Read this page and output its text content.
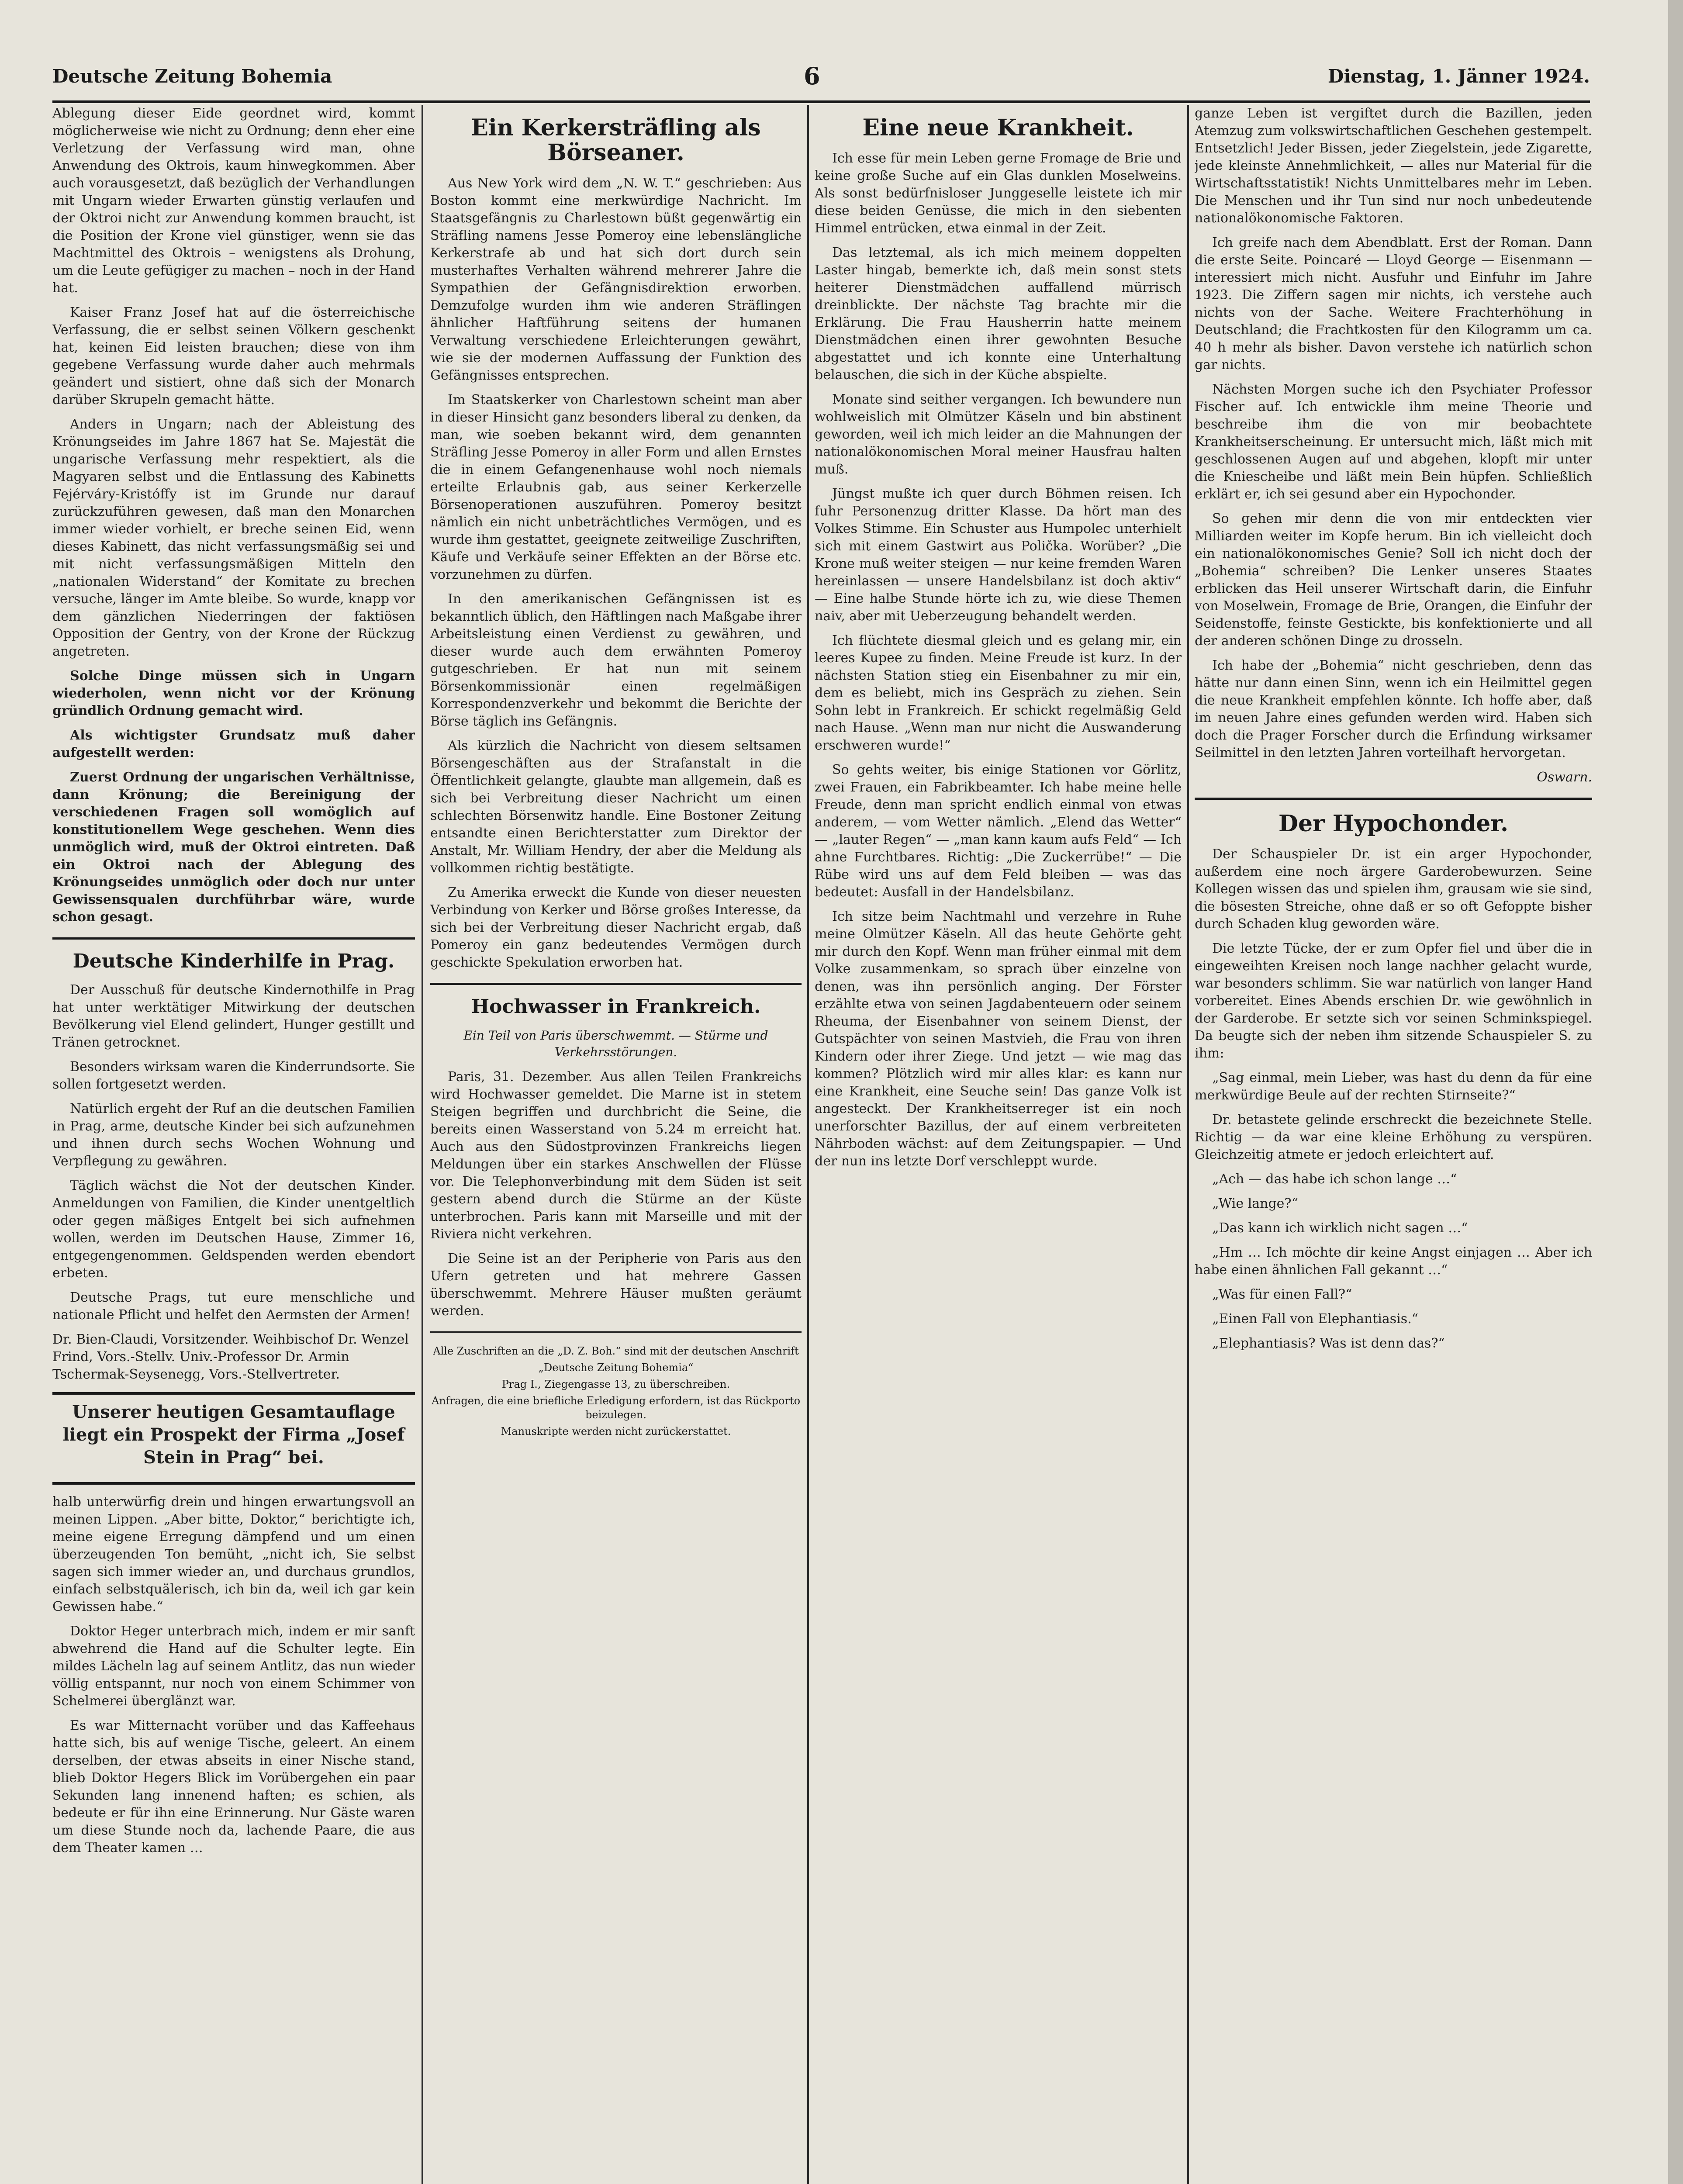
Deutsche Zeitung Bohemia	6	Dienstag, 1. Jänner 1924.

Ablegung dieser Eide geordnet wird, kommt möglicherweise wie nicht zu Ordnung; denn eher eine Verletzung der Verfassung wird man, ohne Anwendung des Oktrois, kaum hinwegkommen. Aber auch vorausgesetzt, daß bezüglich der Verhandlungen mit Ungarn wieder Erwarten günstig verlaufen und der Oktroi nicht zur Anwendung kommen braucht, ist die Position der Krone viel günstiger, wenn sie das Machtmittel des Oktrois – wenigstens als Drohung, um die Leute gefügiger zu machen – noch in der Hand hat.

Kaiser Franz Josef hat auf die österreichische Verfassung, die er selbst seinen Völkern geschenkt hat, keinen Eid leisten brauchen; diese von ihm gegebene Verfassung wurde daher auch mehrmals geändert und sistiert, ohne daß sich der Monarch darüber Skrupeln gemacht hätte.

Anders in Ungarn; nach der Ableistung des Krönungseides im Jahre 1867 hat Se. Majestät die ungarische Verfassung mehr respektiert, als die Magyaren selbst und die Entlassung des Kabinetts Fejérváry-Kristóffy ist im Grunde nur darauf zurückzuführen gewesen, daß man den Monarchen immer wieder vorhielt, er breche seinen Eid, wenn dieses Kabinett, das nicht verfassungsmäßig sei und mit nicht verfassungsmäßigen Mitteln den „nationalen Widerstand“ der Komitate zu brechen versuche, länger im Amte bleibe. So wurde, knapp vor dem gänzlichen Niederringen der faktiösen Opposition der Gentry, von der Krone der Rückzug angetreten.

Solche Dinge müssen sich in Ungarn wiederholen, wenn nicht vor der Krönung gründlich Ordnung gemacht wird.

Als wichtigster Grundsatz muß daher aufgestellt werden:

Zuerst Ordnung der ungarischen Verhältnisse, dann Krönung; die Bereinigung der verschiedenen Fragen soll womöglich auf konstitutionellem Wege geschehen. Wenn dies unmöglich wird, muß der Oktroi eintreten. Daß ein Oktroi nach der Ablegung des Krönungseides unmöglich oder doch nur unter Gewissensqualen durchführbar wäre, wurde schon gesagt.

Deutsche Kinderhilfe in Prag.

Der Ausschuß für deutsche Kindernothilfe in Prag hat unter werktätiger Mitwirkung der deutschen Bevölkerung viel Elend gelindert, Hunger gestillt und Tränen getrocknet.

Besonders wirksam waren die Kinderrundsorte. Sie sollen fortgesetzt werden.

Natürlich ergeht der Ruf an die deutschen Familien in Prag, arme, deutsche Kinder bei sich aufzunehmen und ihnen durch sechs Wochen Wohnung und Verpflegung zu gewähren.

Täglich wächst die Not der deutschen Kinder. Anmeldungen von Familien, die Kinder unentgeltlich oder gegen mäßiges Entgelt bei sich aufnehmen wollen, werden im Deutschen Hause, Zimmer 16, entgegengenommen. Geldspenden werden ebendort erbeten.

Deutsche Prags, tut eure menschliche und nationale Pflicht und helfet den Aermsten der Armen!

Dr. Bien-Claudi, Vorsitzender. Weihbischof Dr. Wenzel Frind, Vors.-Stellv. Univ.-Professor Dr. Armin Tschermak-Seysenegg, Vors.-Stellvertreter.

Unserer heutigen Gesamtauflage liegt ein Prospekt der Firma „Josef Stein in Prag“ bei.

halb unterwürfig drein und hingen erwartungsvoll an meinen Lippen. „Aber bitte, Doktor,“ berichtigte ich, meine eigene Erregung dämpfend und um einen überzeugenden Ton bemüht, „nicht ich, Sie selbst sagen sich immer wieder an, und durchaus grundlos, einfach selbstquälerisch, ich bin da, weil ich gar kein Gewissen habe.“

Doktor Heger unterbrach mich, indem er mir sanft abwehrend die Hand auf die Schulter legte. Ein mildes Lächeln lag auf seinem Antlitz, das nun wieder völlig entspannt, nur noch von einem Schimmer von Schelmerei überglänzt war.

Es war Mitternacht vorüber und das Kaffeehaus hatte sich, bis auf wenige Tische, geleert. An einem derselben, der etwas abseits in einer Nische stand, blieb Doktor Hegers Blick im Vorübergehen ein paar Sekunden lang innenend haften; es schien, als bedeute er für ihn eine Erinnerung. Nur Gäste waren um diese Stunde noch da, lachende Paare, die aus dem Theater kamen …

Ein Kerkersträfling als Börseaner.

Aus New York wird dem „N. W. T.“ geschrieben: Aus Boston kommt eine merkwürdige Nachricht. Im Staatsgefängnis zu Charlestown büßt gegenwärtig ein Sträfling namens Jesse Pomeroy eine lebenslängliche Kerkerstrafe ab und hat sich dort durch sein musterhaftes Verhalten während mehrerer Jahre die Sympathien der Gefängnisdirektion erworben. Demzufolge wurden ihm wie anderen Sträflingen ähnlicher Haftführung seitens der humanen Verwaltung verschiedene Erleichterungen gewährt, wie sie der modernen Auffassung der Funktion des Gefängnisses entsprechen.

Im Staatskerker von Charlestown scheint man aber in dieser Hinsicht ganz besonders liberal zu denken, da man, wie soeben bekannt wird, dem genannten Sträfling Jesse Pomeroy in aller Form und allen Ernstes die in einem Gefangenenhause wohl noch niemals erteilte Erlaubnis gab, aus seiner Kerkerzelle Börsenoperationen auszuführen. Pomeroy besitzt nämlich ein nicht unbeträchtliches Vermögen, und es wurde ihm gestattet, geeignete zeitweilige Zuschriften, Käufe und Verkäufe seiner Effekten an der Börse etc. vorzunehmen zu dürfen.

In den amerikanischen Gefängnissen ist es bekanntlich üblich, den Häftlingen nach Maßgabe ihrer Arbeitsleistung einen Verdienst zu gewähren, und dieser wurde auch dem erwähnten Pomeroy gutgeschrieben. Er hat nun mit seinem Börsenkommissionär einen regelmäßigen Korrespondenzverkehr und bekommt die Berichte der Börse täglich ins Gefängnis.

Als kürzlich die Nachricht von diesem seltsamen Börsengeschäften aus der Strafanstalt in die Öffentlichkeit gelangte, glaubte man allgemein, daß es sich bei Verbreitung dieser Nachricht um einen schlechten Börsenwitz handle. Eine Bostoner Zeitung entsandte einen Berichterstatter zum Direktor der Anstalt, Mr. William Hendry, der aber die Meldung als vollkommen richtig bestätigte.

Zu Amerika erweckt die Kunde von dieser neuesten Verbindung von Kerker und Börse großes Interesse, da sich bei der Verbreitung dieser Nachricht ergab, daß Pomeroy ein ganz bedeutendes Vermögen durch geschickte Spekulation erworben hat.

Hochwasser in Frankreich.

Ein Teil von Paris überschwemmt. — Stürme und Verkehrsstörungen.

Paris, 31. Dezember. Aus allen Teilen Frankreichs wird Hochwasser gemeldet. Die Marne ist in stetem Steigen begriffen und durchbricht die Seine, die bereits einen Wasserstand von 5.24 m erreicht hat. Auch aus den Südostprovinzen Frankreichs liegen Meldungen über ein starkes Anschwellen der Flüsse vor. Die Telephonverbindung mit dem Süden ist seit gestern abend durch die Stürme an der Küste unterbrochen. Paris kann mit Marseille und mit der Riviera nicht verkehren.

Die Seine ist an der Peripherie von Paris aus den Ufern getreten und hat mehrere Gassen überschwemmt. Mehrere Häuser mußten geräumt werden.

Alle Zuschriften an die „D. Z. Boh.“ sind mit der deutschen Anschrift

„Deutsche Zeitung Bohemia“

Prag I., Ziegengasse 13, zu überschreiben.

Anfragen, die eine briefliche Erledigung erfordern, ist das Rückporto beizulegen.

Manuskripte werden nicht zurückerstattet.

Eine neue Krankheit.

Ich esse für mein Leben gerne Fromage de Brie und keine große Suche auf ein Glas dunklen Moselweins. Als sonst bedürfnisloser Junggeselle leistete ich mir diese beiden Genüsse, die mich in den siebenten Himmel entrücken, etwa einmal in der Zeit.

Das letztemal, als ich mich meinem doppelten Laster hingab, bemerkte ich, daß mein sonst stets heiterer Dienstmädchen auffallend mürrisch dreinblickte. Der nächste Tag brachte mir die Erklärung. Die Frau Hausherrin hatte meinem Dienstmädchen einen ihrer gewohnten Besuche abgestattet und ich konnte eine Unterhaltung belauschen, die sich in der Küche abspielte.

Monate sind seither vergangen. Ich bewundere nun wohlweislich mit Olmützer Käseln und bin abstinent geworden, weil ich mich leider an die Mahnungen der nationalökonomischen Moral meiner Hausfrau halten muß.

Jüngst mußte ich quer durch Böhmen reisen. Ich fuhr Personenzug dritter Klasse. Da hört man des Volkes Stimme. Ein Schuster aus Humpolec unterhielt sich mit einem Gastwirt aus Polička. Worüber? „Die Krone muß weiter steigen — nur keine fremden Waren hereinlassen — unsere Handelsbilanz ist doch aktiv“ — Eine halbe Stunde hörte ich zu, wie diese Themen naiv, aber mit Ueberzeugung behandelt werden.

Ich flüchtete diesmal gleich und es gelang mir, ein leeres Kupee zu finden. Meine Freude ist kurz. In der nächsten Station stieg ein Eisenbahner zu mir ein, dem es beliebt, mich ins Gespräch zu ziehen. Sein Sohn lebt in Frankreich. Er schickt regelmäßig Geld nach Hause. „Wenn man nur nicht die Auswanderung erschweren wurde!“

So gehts weiter, bis einige Stationen vor Görlitz, zwei Frauen, ein Fabrikbeamter. Ich habe meine helle Freude, denn man spricht endlich einmal von etwas anderem, — vom Wetter nämlich. „Elend das Wetter“ — „lauter Regen“ — „man kann kaum aufs Feld“ — Ich ahne Furchtbares. Richtig: „Die Zuckerrübe!“ — Die Rübe wird uns auf dem Feld bleiben — was das bedeutet: Ausfall in der Handelsbilanz.

Ich sitze beim Nachtmahl und verzehre in Ruhe meine Olmützer Käseln. All das heute Gehörte geht mir durch den Kopf. Wenn man früher einmal mit dem Volke zusammenkam, so sprach über einzelne von denen, was ihn persönlich anging. Der Förster erzählte etwa von seinen Jagdabenteuern oder seinem Rheuma, der Eisenbahner von seinem Dienst, der Gutspächter von seinen Mastvieh, die Frau von ihren Kindern oder ihrer Ziege. Und jetzt — wie mag das kommen? Plötzlich wird mir alles klar: es kann nur eine Krankheit, eine Seuche sein! Das ganze Volk ist angesteckt. Der Krankheitserreger ist ein noch unerforschter Bazillus, der auf einem verbreiteten Nährboden wächst: auf dem Zeitungspapier. — Und der nun ins letzte Dorf verschleppt wurde.

ganze Leben ist vergiftet durch die Bazillen, jeden Atemzug zum volkswirtschaftlichen Geschehen gestempelt. Entsetzlich! Jeder Bissen, jeder Ziegelstein, jede Zigarette, jede kleinste Annehmlichkeit, — alles nur Material für die Wirtschaftsstatistik! Nichts Unmittelbares mehr im Leben. Die Menschen und ihr Tun sind nur noch unbedeutende nationalökonomische Faktoren.

Ich greife nach dem Abendblatt. Erst der Roman. Dann die erste Seite. Poincaré — Lloyd George — Eisenmann — interessiert mich nicht. Ausfuhr und Einfuhr im Jahre 1923. Die Ziffern sagen mir nichts, ich verstehe auch nichts von der Sache. Weitere Frachterhöhung in Deutschland; die Frachtkosten für den Kilogramm um ca. 40 h mehr als bisher. Davon verstehe ich natürlich schon gar nichts.

Nächsten Morgen suche ich den Psychiater Professor Fischer auf. Ich entwickle ihm meine Theorie und beschreibe ihm die von mir beobachtete Krankheitserscheinung. Er untersucht mich, läßt mich mit geschlossenen Augen auf und abgehen, klopft mir unter die Kniescheibe und läßt mein Bein hüpfen. Schließlich erklärt er, ich sei gesund aber ein Hypochonder.

So gehen mir denn die von mir entdeckten vier Milliarden weiter im Kopfe herum. Bin ich vielleicht doch ein nationalökonomisches Genie? Soll ich nicht doch der „Bohemia“ schreiben? Die Lenker unseres Staates erblicken das Heil unserer Wirtschaft darin, die Einfuhr von Moselwein, Fromage de Brie, Orangen, die Einfuhr der Seidenstoffe, feinste Gestickte, bis konfektionierte und all der anderen schönen Dinge zu drosseln.

Ich habe der „Bohemia“ nicht geschrieben, denn das hätte nur dann einen Sinn, wenn ich ein Heilmittel gegen die neue Krankheit empfehlen könnte. Ich hoffe aber, daß im neuen Jahre eines gefunden werden wird. Haben sich doch die Prager Forscher durch die Erfindung wirksamer Seilmittel in den letzten Jahren vorteilhaft hervorgetan.

Oswarn.

Der Hypochonder.

Der Schauspieler Dr. ist ein arger Hypochonder, außerdem eine noch ärgere Garderobewurzen. Seine Kollegen wissen das und spielen ihm, grausam wie sie sind, die bösesten Streiche, ohne daß er so oft Gefoppte bisher durch Schaden klug geworden wäre.

Die letzte Tücke, der er zum Opfer fiel und über die in eingeweihten Kreisen noch lange nachher gelacht wurde, war besonders schlimm. Sie war natürlich von langer Hand vorbereitet. Eines Abends erschien Dr. wie gewöhnlich in der Garderobe. Er setzte sich vor seinen Schminkspiegel. Da beugte sich der neben ihm sitzende Schauspieler S. zu ihm:

„Sag einmal, mein Lieber, was hast du denn da für eine merkwürdige Beule auf der rechten Stirnseite?“

Dr. betastete gelinde erschreckt die bezeichnete Stelle. Richtig — da war eine kleine Erhöhung zu verspüren. Gleichzeitig atmete er jedoch erleichtert auf.

„Ach — das habe ich schon lange …“

„Wie lange?“

„Das kann ich wirklich nicht sagen …“

„Hm … Ich möchte dir keine Angst einjagen … Aber ich habe einen ähnlichen Fall gekannt …“

„Was für einen Fall?“

„Einen Fall von Elephantiasis.“

„Elephantiasis? Was ist denn das?“
